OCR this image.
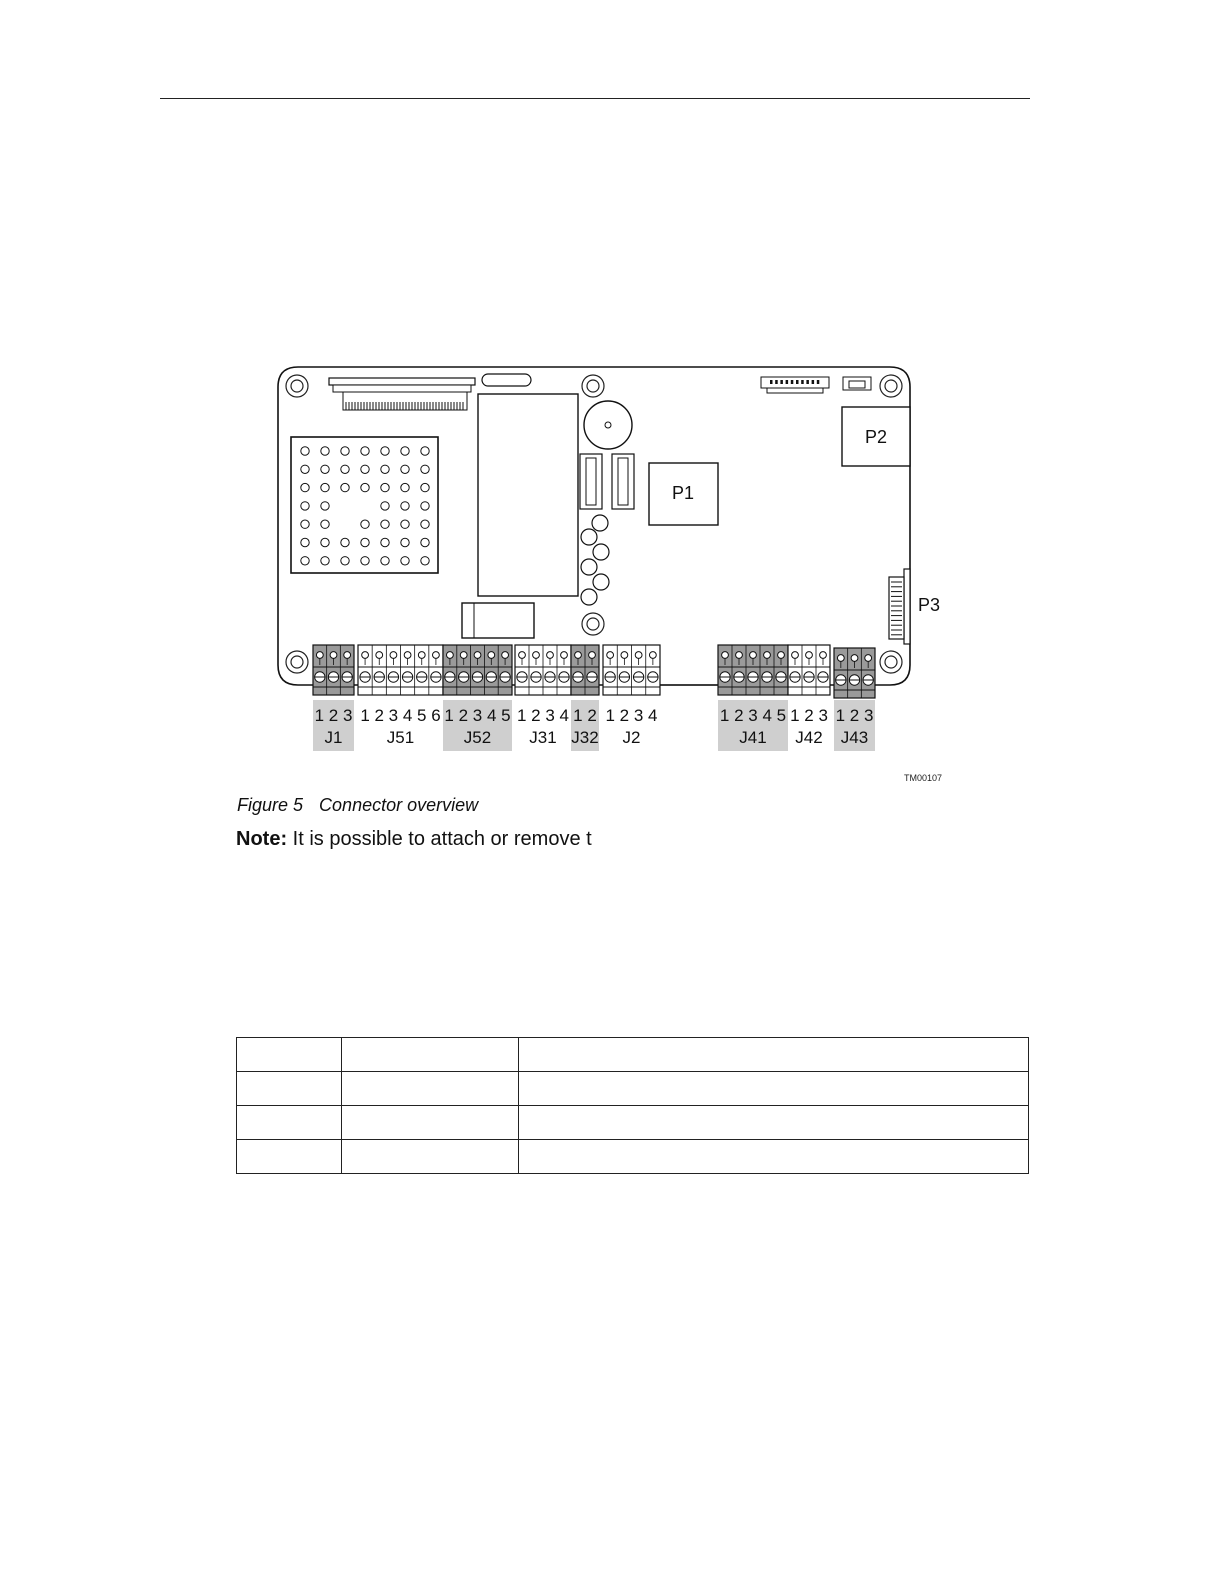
P1
P2
P3
1 2 3
J1
1 2 3 4 5 6
J51
1 2 3 4 5
J52
1 2 3 4
J31
1 2
J32
1 2 3 4
J2
1 2 3 4 5
J41
1 2 3
J42
1 2 3
J43
TM00107
Figure 5 Connector overview
Note: It is possible to attach or remove t
